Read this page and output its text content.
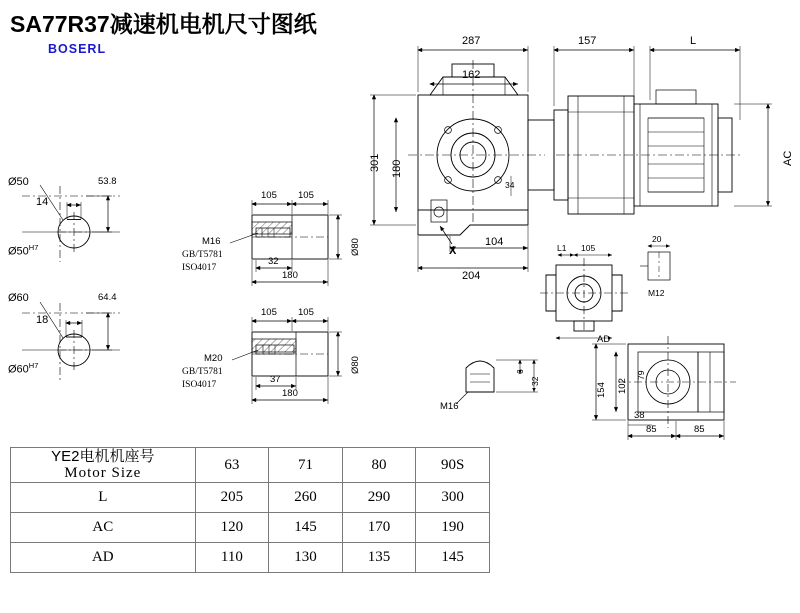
SA77R37减速机电机尺寸图纸
BOSERL
Ø50
14
53.8
$Ø50^{H7}$
Ø60
18
64.4
$Ø60^{H7}$
105 105
32
180
Ø80
M16
GB/T5781
ISO4017
105 105
37
180
Ø80
M20
GB/T5781
ISO4017
287
162
157	L
301 180
AC
104
204
X
34
L1 105
20
M12
AD
154 102
79
38
85	85
M16
6
32
YE2电机机座号
Motor Size	63	71	80	90S
L	205	260	290	300
AC	120	145	170	190
AD	110	130	135	145
